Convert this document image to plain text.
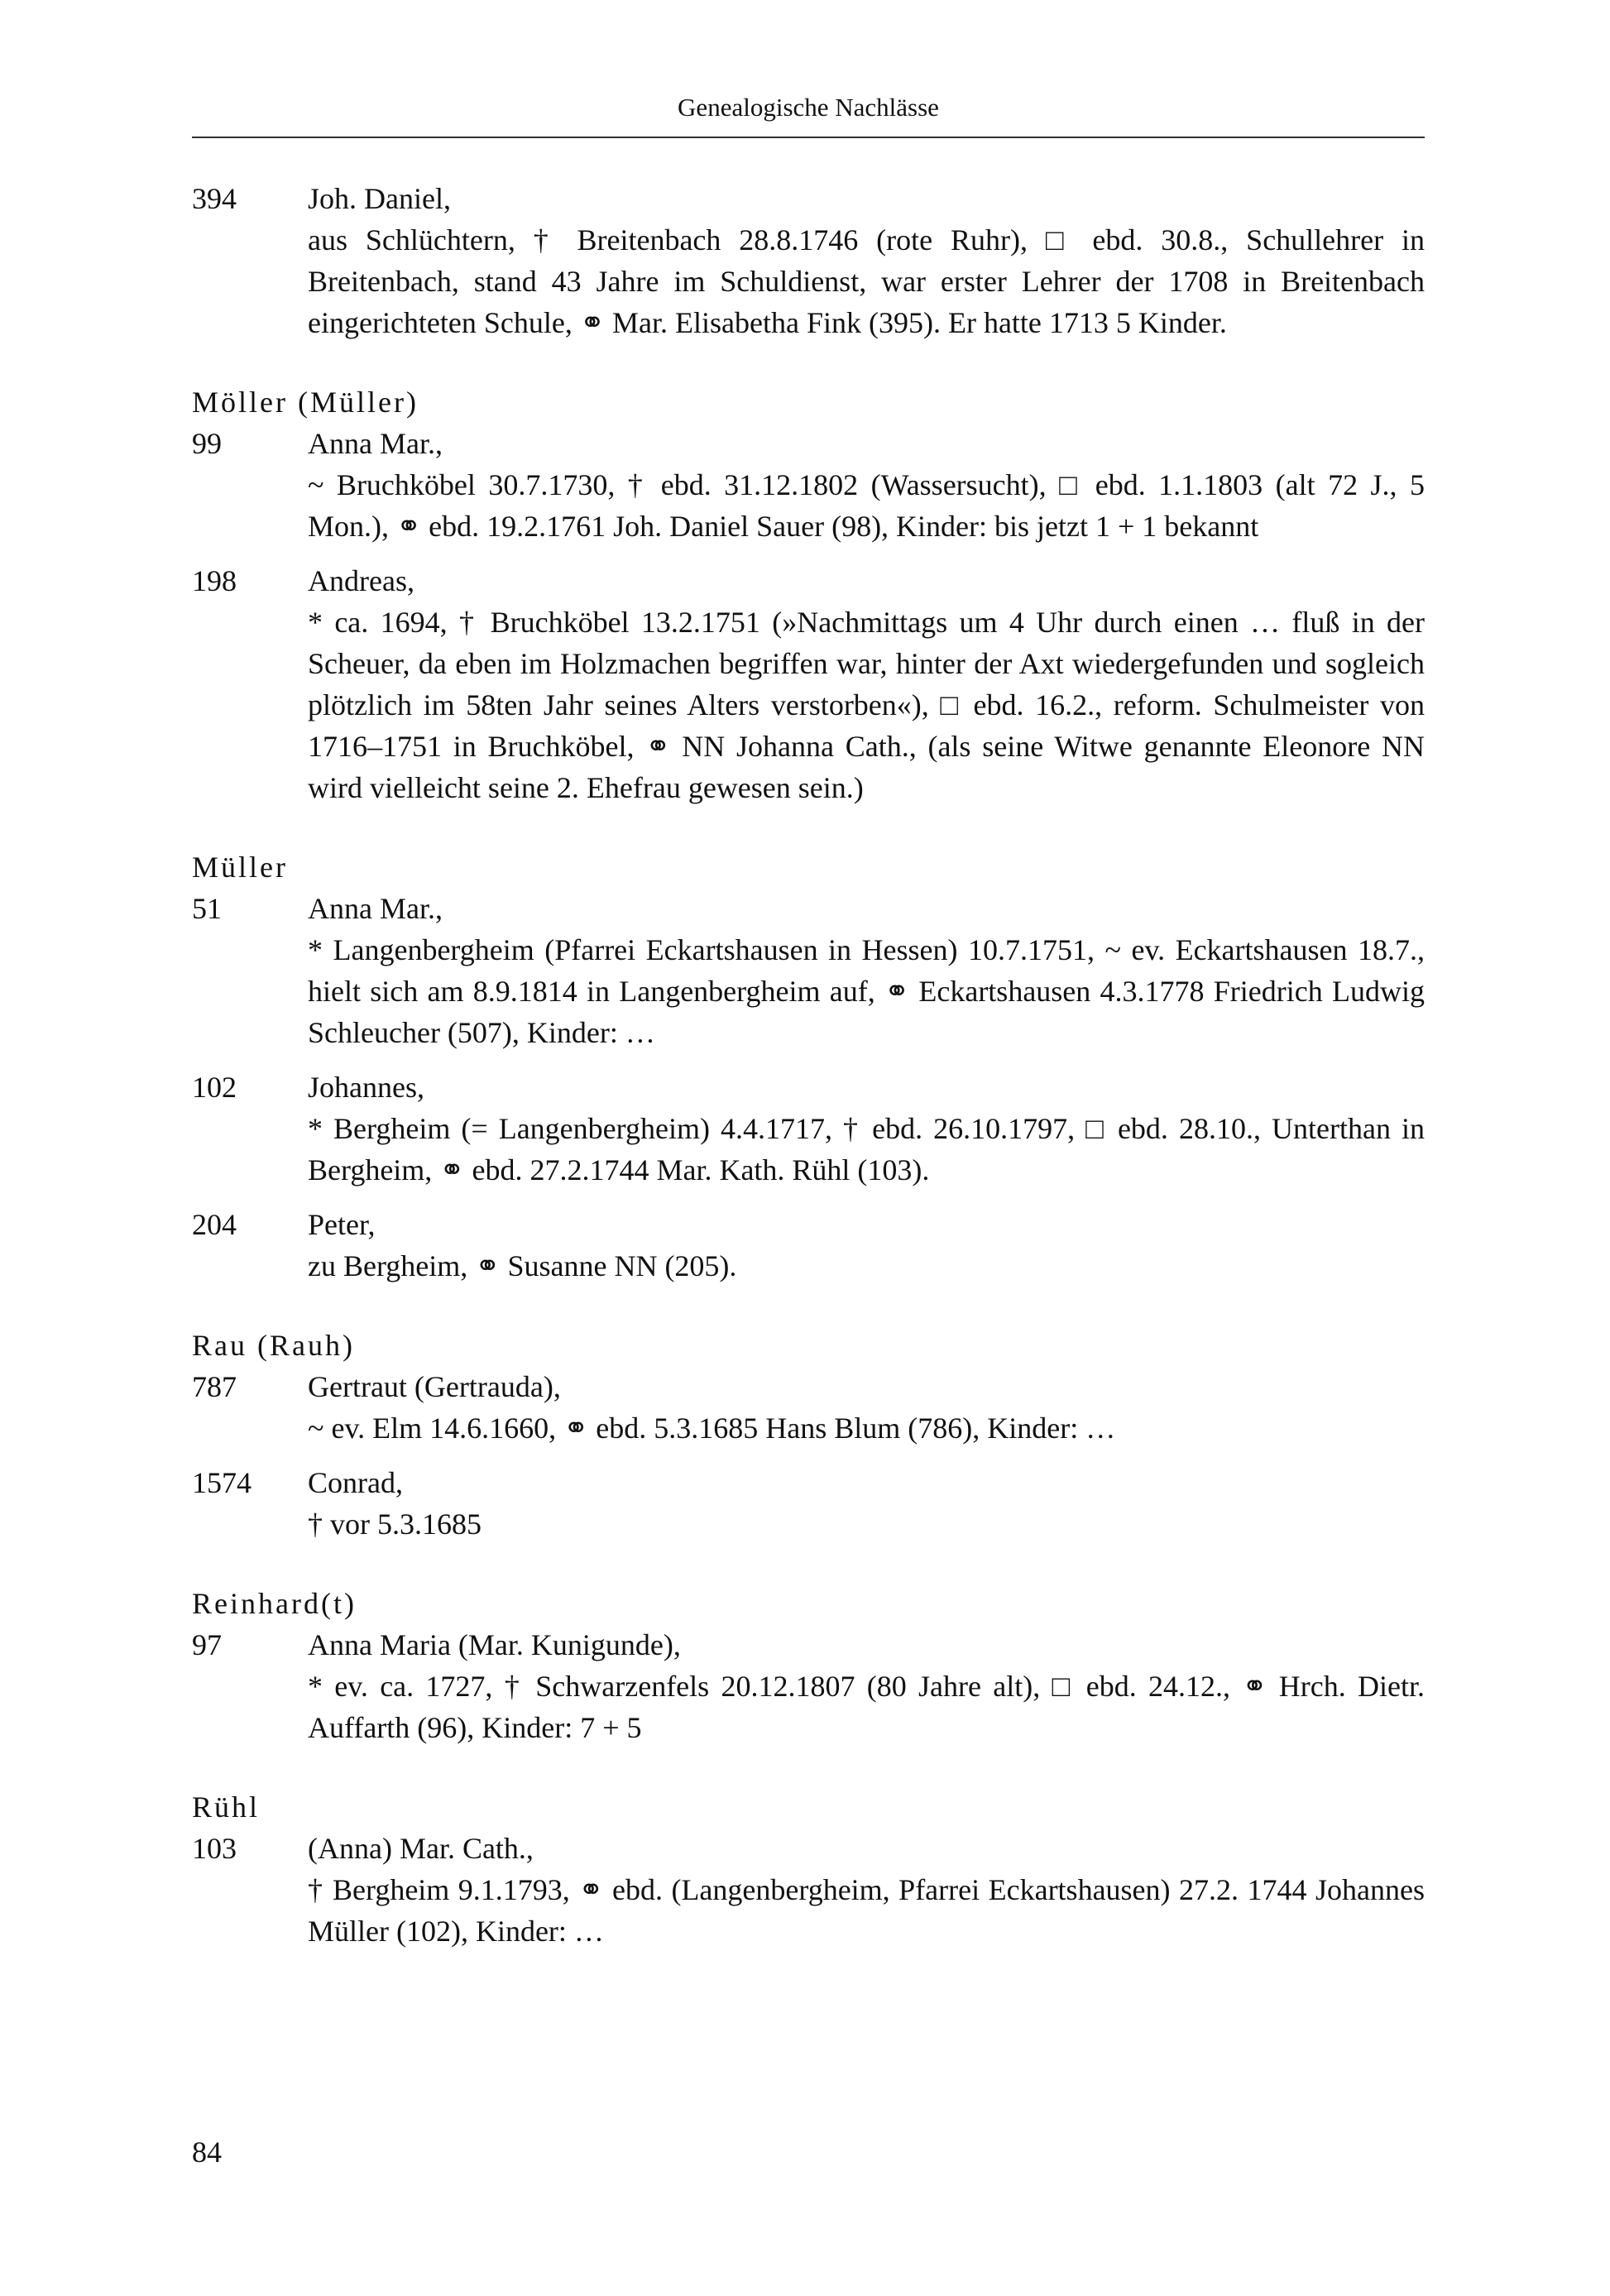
Genealogische Nachlässe
394	Joh. Daniel,
aus Schlüchtern, † Breitenbach 28.8.1746 (rote Ruhr), □ ebd. 30.8., Schullehrer in Breitenbach, stand 43 Jahre im Schuldienst, war erster Lehrer der 1708 in Breitenbach eingerichteten Schule, ⚭ Mar. Elisabetha Fink (395). Er hatte 1713 5 Kinder.
Möller (Müller)
99	Anna Mar.,
~ Bruchköbel 30.7.1730, † ebd. 31.12.1802 (Wassersucht), □ ebd. 1.1.1803 (alt 72 J., 5 Mon.), ⚭ ebd. 19.2.1761 Joh. Daniel Sauer (98), Kinder: bis jetzt 1 + 1 bekannt
198	Andreas,
* ca. 1694, † Bruchköbel 13.2.1751 (»Nachmittags um 4 Uhr durch einen … fluß in der Scheuer, da eben im Holzmachen begriffen war, hinter der Axt wiedergefunden und sogleich plötzlich im 58ten Jahr seines Alters verstorben«), □ ebd. 16.2., reform. Schulmeister von 1716–1751 in Bruchköbel, ⚭ NN Johanna Cath., (als seine Witwe genannte Eleonore NN wird vielleicht seine 2. Ehefrau gewesen sein.)
Müller
51	Anna Mar.,
* Langenbergheim (Pfarrei Eckartshausen in Hessen) 10.7.1751, ~ ev. Eckartshausen 18.7., hielt sich am 8.9.1814 in Langenbergheim auf, ⚭ Eckartshausen 4.3.1778 Friedrich Ludwig Schleucher (507), Kinder: …
102	Johannes,
* Bergheim (= Langenbergheim) 4.4.1717, † ebd. 26.10.1797, □ ebd. 28.10., Unterthan in Bergheim, ⚭ ebd. 27.2.1744 Mar. Kath. Rühl (103).
204	Peter,
zu Bergheim, ⚭ Susanne NN (205).
Rau (Rauh)
787	Gertraut (Gertrauda),
~ ev. Elm 14.6.1660, ⚭ ebd. 5.3.1685 Hans Blum (786), Kinder: …
1574	Conrad,
† vor 5.3.1685
Reinhard(t)
97	Anna Maria (Mar. Kunigunde),
* ev. ca. 1727, † Schwarzenfels 20.12.1807 (80 Jahre alt), □ ebd. 24.12., ⚭ Hrch. Dietr. Auffarth (96), Kinder: 7 + 5
Rühl
103	(Anna) Mar. Cath.,
† Bergheim 9.1.1793, ⚭ ebd. (Langenbergheim, Pfarrei Eckartshausen) 27.2. 1744 Johannes Müller (102), Kinder: …
84
